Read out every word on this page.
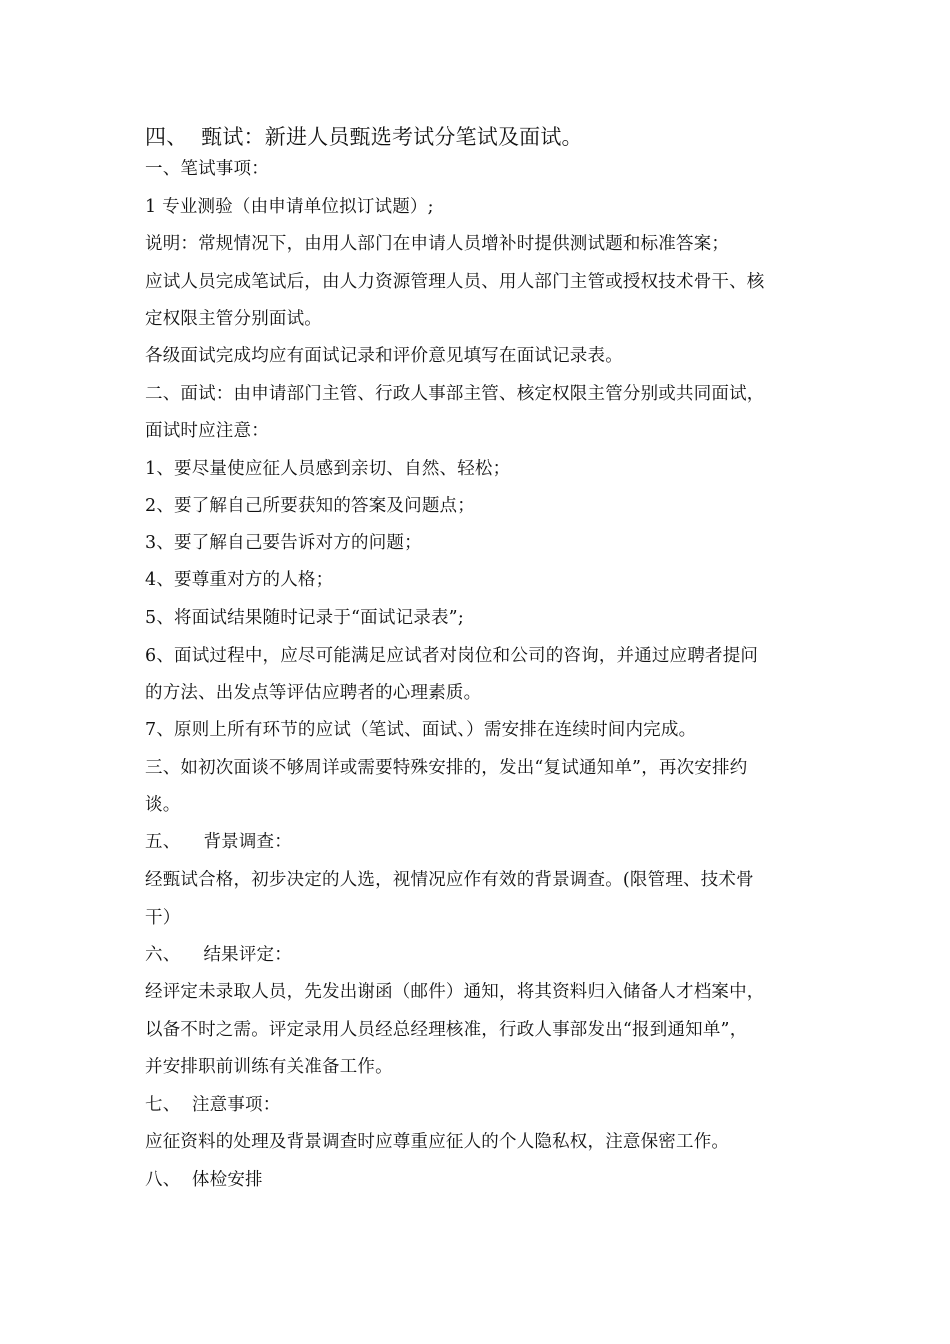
四、  甄试：新进人员甄选考试分笔试及面试。
一、笔试事项：
1 专业测验（由申请单位拟订试题）;
说明：常规情况下，由用人部门在申请人员增补时提供测试题和标准答案；
应试人员完成笔试后，由人力资源管理人员、用人部门主管或授权技术骨干、核
定权限主管分别面试。
各级面试完成均应有面试记录和评价意见填写在面试记录表。
二、面试：由申请部门主管、行政人事部主管、核定权限主管分别或共同面试，
面试时应注意：
1、要尽量使应征人员感到亲切、自然、轻松；
2、要了解自己所要获知的答案及问题点；
3、要了解自己要告诉对方的问题；
4、要尊重对方的人格；
5、将面试结果随时记录于“面试记录表”;
6、面试过程中，应尽可能满足应试者对岗位和公司的咨询，并通过应聘者提问
的方法、出发点等评估应聘者的心理素质。
7、原则上所有环节的应试（笔试、面试、）需安排在连续时间内完成。
三、如初次面谈不够周详或需要特殊安排的，发出“复试通知单”，再次安排约
谈。
五、    背景调查：
经甄试合格，初步决定的人选，视情况应作有效的背景调查。(限管理、技术骨
干）
六、    结果评定：
经评定未录取人员，先发出谢函（邮件）通知，将其资料归入储备人才档案中，
以备不时之需。评定录用人员经总经理核准，行政人事部发出“报到通知单”，
并安排职前训练有关准备工作。
七、  注意事项：
应征资料的处理及背景调查时应尊重应征人的个人隐私权，注意保密工作。
八、  体检安排
